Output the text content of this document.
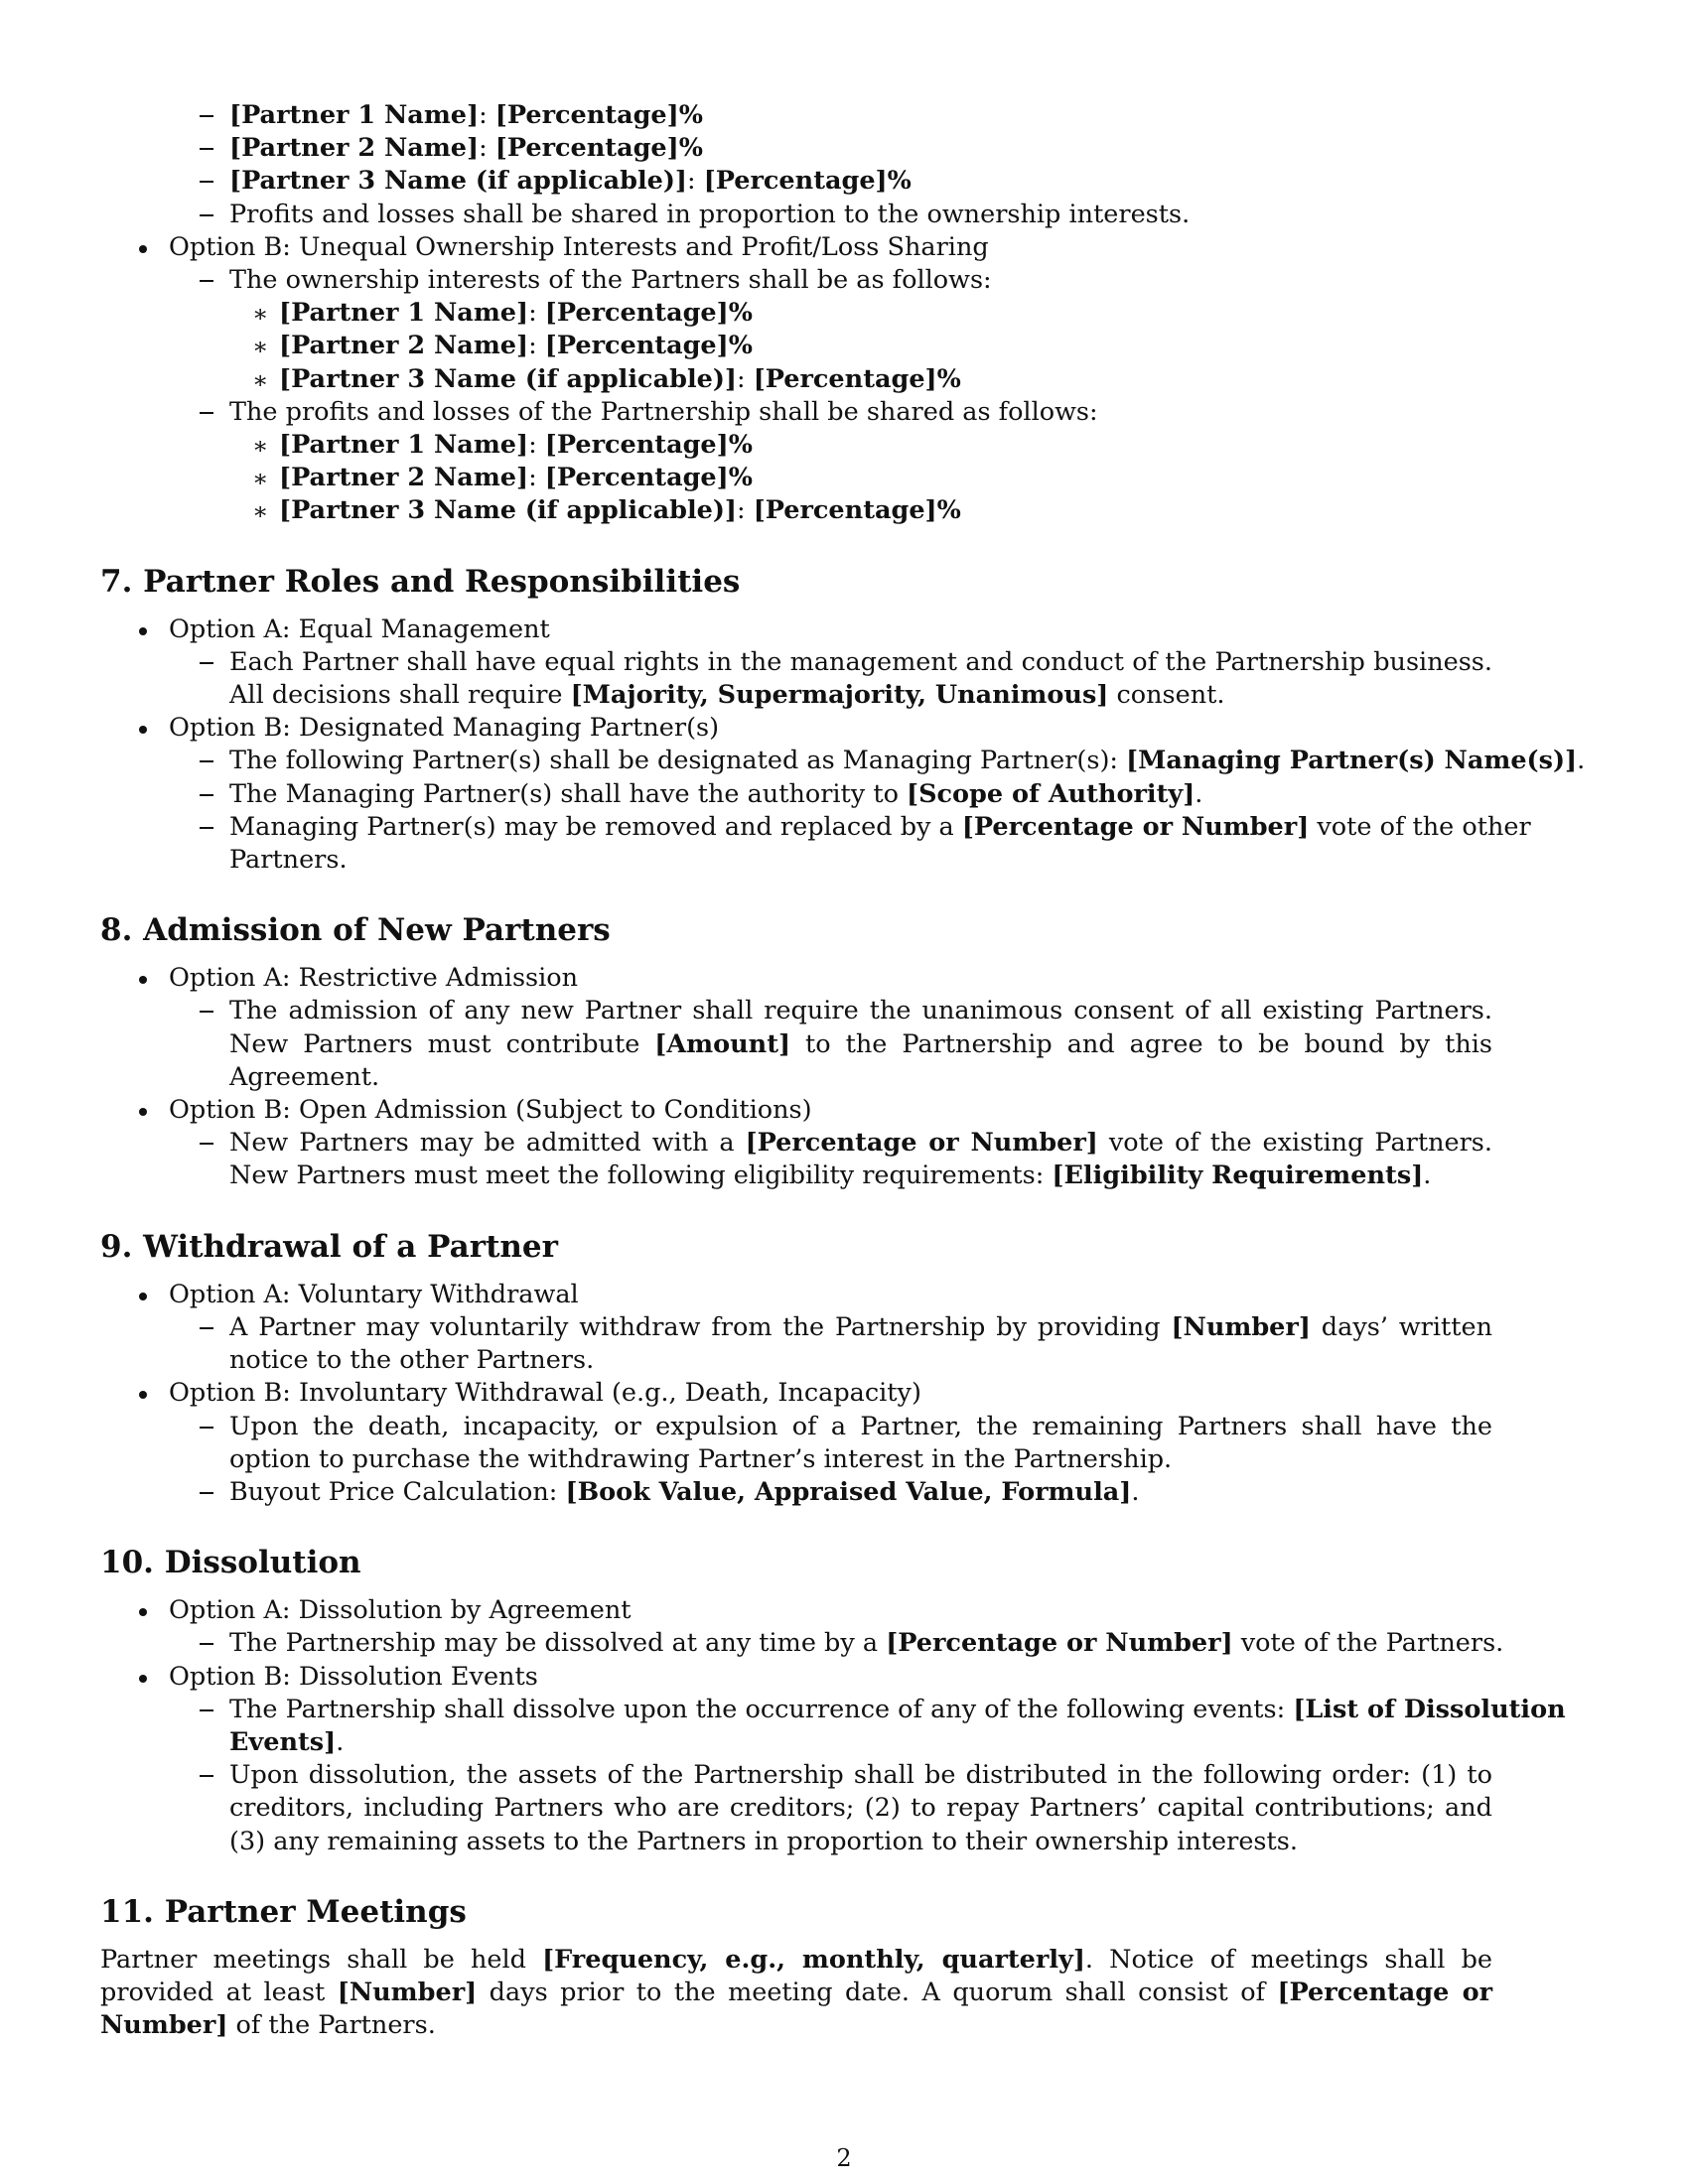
[Partner 1 Name]: [Percentage]%
[Partner 2 Name]: [Percentage]%
[Partner 3 Name (if applicable)]: [Percentage]%
Profits and losses shall be shared in proportion to the ownership interests.
Option B: Unequal Ownership Interests and Profit/Loss Sharing
The ownership interests of the Partners shall be as follows:
∗ [Partner 1 Name]: [Percentage]%
∗ [Partner 2 Name]: [Percentage]%
∗ [Partner 3 Name (if applicable)]: [Percentage]%
The profits and losses of the Partnership shall be shared as follows:
∗ [Partner 1 Name]: [Percentage]%
∗ [Partner 2 Name]: [Percentage]%
∗ [Partner 3 Name (if applicable)]: [Percentage]%
7. Partner Roles and Responsibilities
Option A: Equal Management
Each Partner shall have equal rights in the management and conduct of the Partnership business. All decisions shall require [Majority, Supermajority, Unanimous] consent.
Option B: Designated Managing Partner(s)
The following Partner(s) shall be designated as Managing Partner(s): [Managing Partner(s) Name(s)].
The Managing Partner(s) shall have the authority to [Scope of Authority].
Managing Partner(s) may be removed and replaced by a [Percentage or Number] vote of the other Partners.
8. Admission of New Partners
Option A: Restrictive Admission
The admission of any new Partner shall require the unanimous consent of all existing Partners. New Partners must contribute [Amount] to the Partnership and agree to be bound by this Agreement.
Option B: Open Admission (Subject to Conditions)
New Partners may be admitted with a [Percentage or Number] vote of the existing Partners. New Partners must meet the following eligibility requirements: [Eligibility Requirements].
9. Withdrawal of a Partner
Option A: Voluntary Withdrawal
A Partner may voluntarily withdraw from the Partnership by providing [Number] days’ written notice to the other Partners.
Option B: Involuntary Withdrawal (e.g., Death, Incapacity)
Upon the death, incapacity, or expulsion of a Partner, the remaining Partners shall have the option to purchase the withdrawing Partner’s interest in the Partnership.
Buyout Price Calculation: [Book Value, Appraised Value, Formula].
10. Dissolution
Option A: Dissolution by Agreement
The Partnership may be dissolved at any time by a [Percentage or Number] vote of the Partners.
Option B: Dissolution Events
The Partnership shall dissolve upon the occurrence of any of the following events: [List of Dissolution Events].
Upon dissolution, the assets of the Partnership shall be distributed in the following order: (1) to creditors, including Partners who are creditors; (2) to repay Partners’ capital contributions; and (3) any remaining assets to the Partners in proportion to their ownership interests.
11. Partner Meetings
Partner meetings shall be held [Frequency, e.g., monthly, quarterly]. Notice of meetings shall be provided at least [Number] days prior to the meeting date. A quorum shall consist of [Percentage or Number] of the Partners.
2
